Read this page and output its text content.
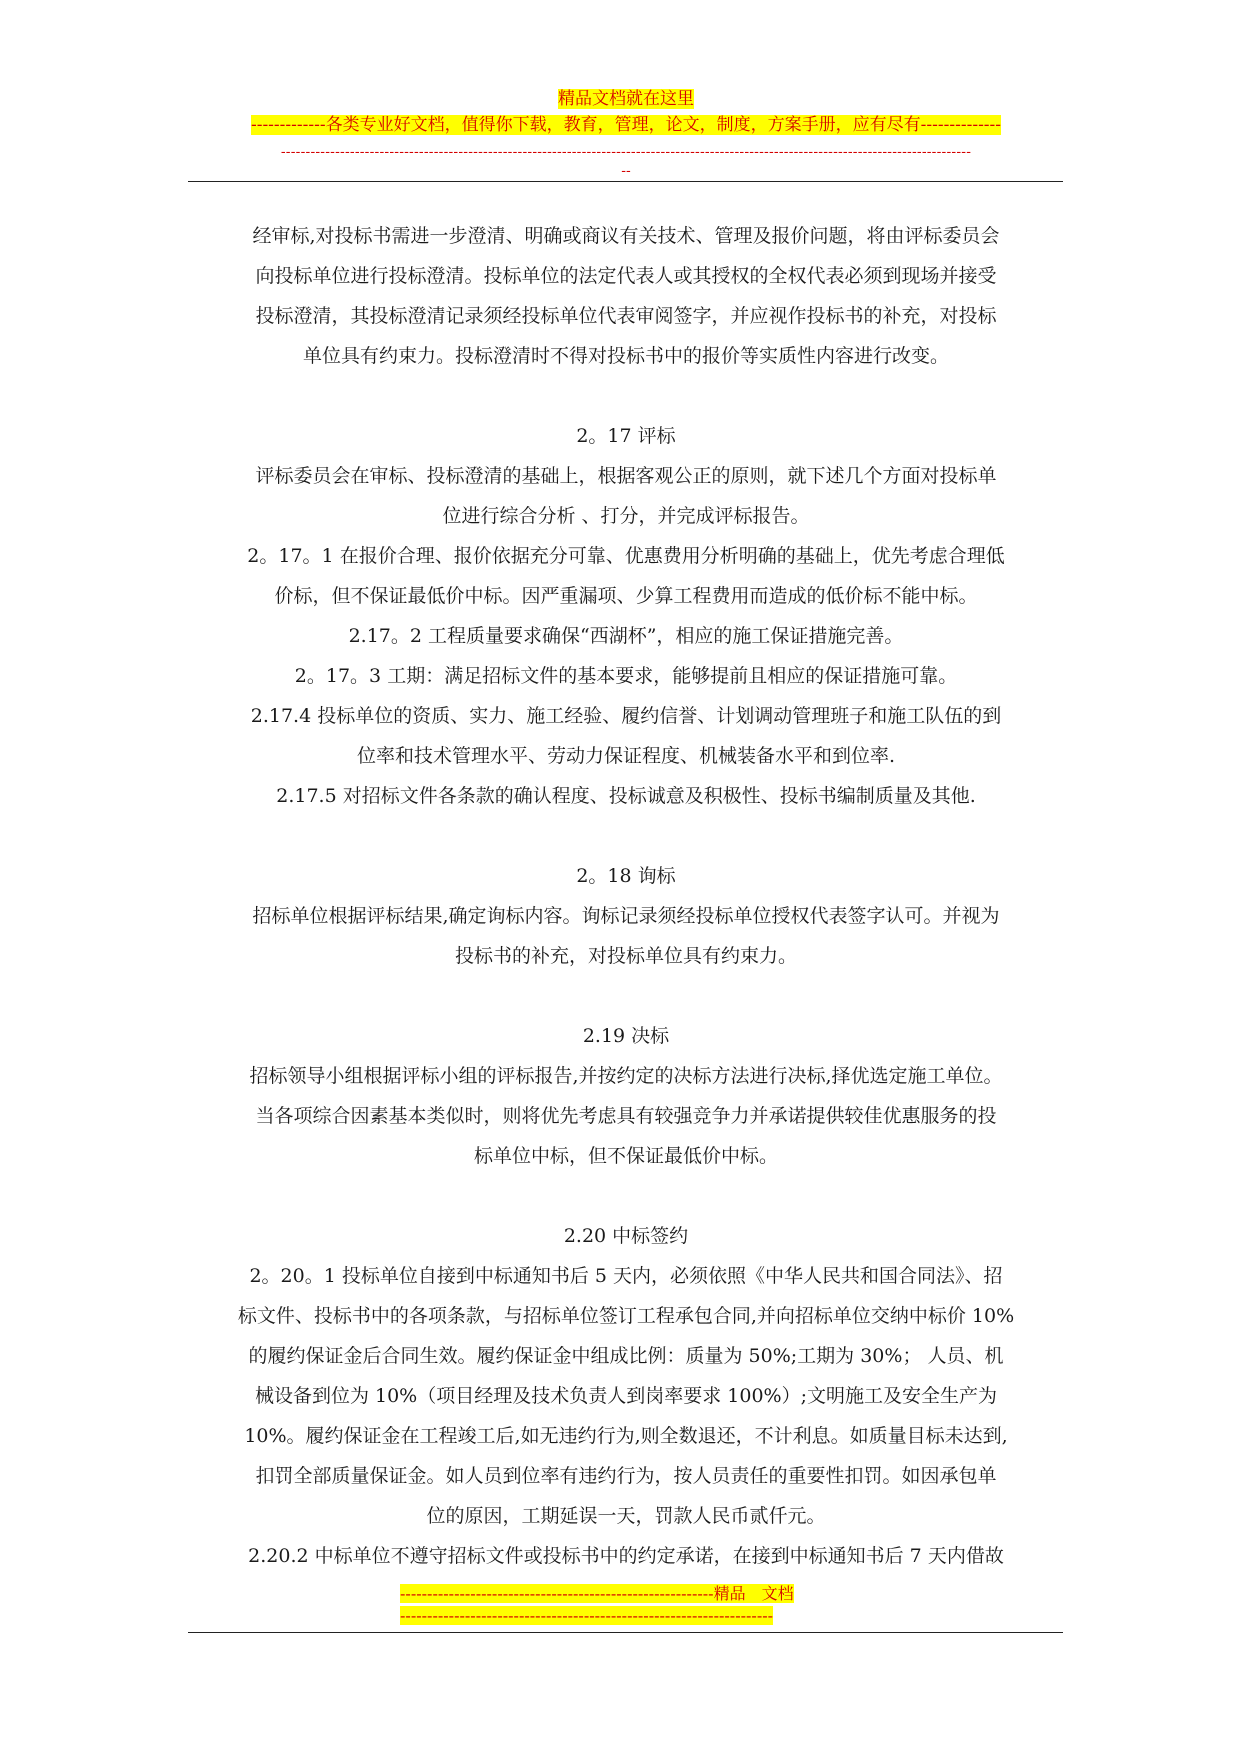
精品文档就在这里
-------------各类专业好文档，值得你下载，教育，管理，论文，制度，方案手册，应有尽有--------------
--------------------------------------------------------------------------------------------------------------------------------------------
--

经审标,对投标书需进一步澄清、明确或商议有关技术、管理及报价问题，将由评标委员会

向投标单位进行投标澄清。投标单位的法定代表人或其授权的全权代表必须到现场并接受

投标澄清，其投标澄清记录须经投标单位代表审阅签字，并应视作投标书的补充，对投标

单位具有约束力。投标澄清时不得对投标书中的报价等实质性内容进行改变。

2。17 评标

评标委员会在审标、投标澄清的基础上，根据客观公正的原则，就下述几个方面对投标单

位进行综合分析 、打分，并完成评标报告。

2。17。1 在报价合理、报价依据充分可靠、优惠费用分析明确的基础上，优先考虑合理低

价标，但不保证最低价中标。因严重漏项、少算工程费用而造成的低价标不能中标。

2.17。2 工程质量要求确保“西湖杯”，相应的施工保证措施完善。

2。17。3 工期：满足招标文件的基本要求，能够提前且相应的保证措施可靠。

2.17.4 投标单位的资质、实力、施工经验、履约信誉、计划调动管理班子和施工队伍的到

位率和技术管理水平、劳动力保证程度、机械装备水平和到位率.

2.17.5 对招标文件各条款的确认程度、投标诚意及积极性、投标书编制质量及其他.

2。18 询标

招标单位根据评标结果,确定询标内容。询标记录须经投标单位授权代表签字认可。并视为

投标书的补充，对投标单位具有约束力。

2.19 决标

招标领导小组根据评标小组的评标报告,并按约定的决标方法进行决标,择优选定施工单位。

当各项综合因素基本类似时，则将优先考虑具有较强竞争力并承诺提供较佳优惠服务的投

标单位中标，但不保证最低价中标。

2.20 中标签约

2。20。1 投标单位自接到中标通知书后 5 天内，必须依照《中华人民共和国合同法》、招

标文件、投标书中的各项条款，与招标单位签订工程承包合同,并向招标单位交纳中标价 10%

的履约保证金后合同生效。履约保证金中组成比例：质量为 50%;工期为 30%； 人员、机

械设备到位为 10%（项目经理及技术负责人到岗率要求 100%）;文明施工及安全生产为

10%。履约保证金在工程竣工后,如无违约行为,则全数退还，不计利息。如质量目标未达到,

扣罚全部质量保证金。如人员到位率有违约行为，按人员责任的重要性扣罚。如因承包单

位的原因，工期延误一天，罚款人民币贰仟元。

2.20.2 中标单位不遵守招标文件或投标书中的约定承诺，在接到中标通知书后 7 天内借故

----------------------------------------------------------精品　文档
---------------------------------------------------------------------
